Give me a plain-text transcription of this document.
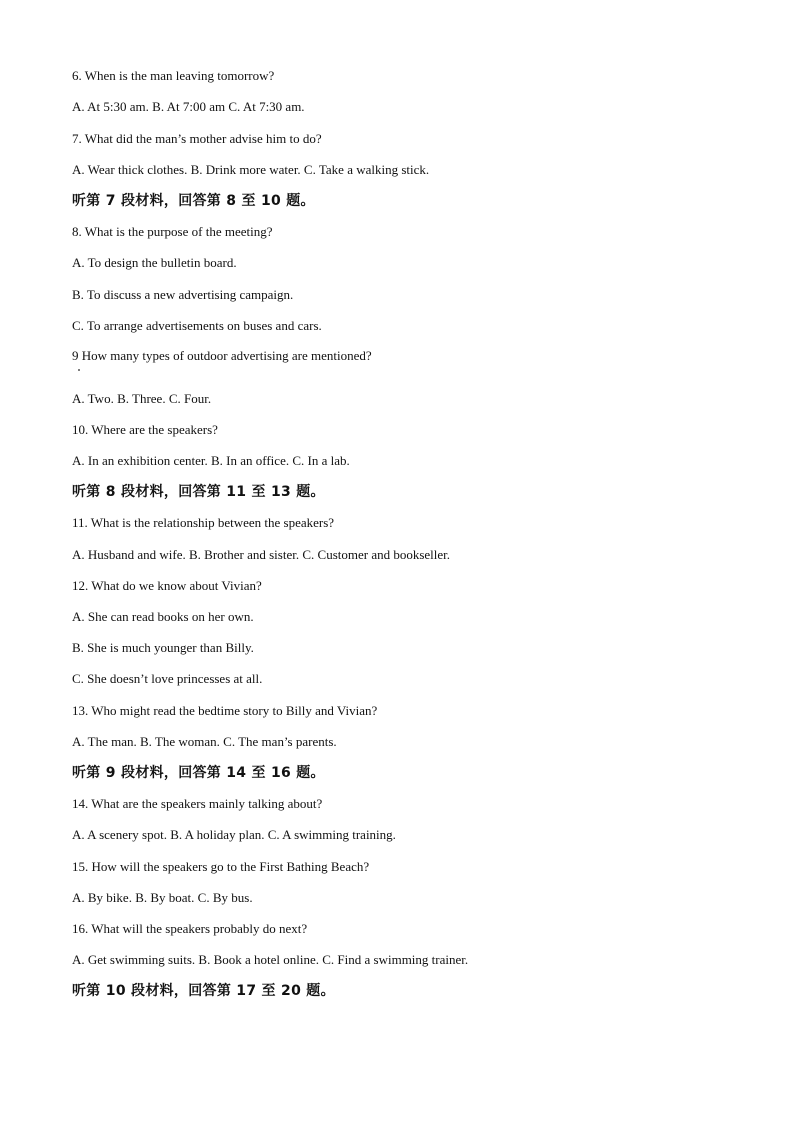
6. When is the man leaving tomorrow?
A. At 5:30 am. B. At 7:00 am C. At 7:30 am.
7. What did the man’s mother advise him to do?
A. Wear thick clothes. B. Drink more water. C. Take a walking stick.
听第 7 段材料，回答第 8 至 10 题。
8. What is the purpose of the meeting?
A. To design the bulletin board.
B. To discuss a new advertising campaign.
C. To arrange advertisements on buses and cars.
9 How many types of outdoor advertising are mentioned?
A. Two. B. Three. C. Four.
10. Where are the speakers?
A. In an exhibition center. B. In an office. C. In a lab.
听第 8 段材料，回答第 11 至 13 题。
11. What is the relationship between the speakers?
A. Husband and wife. B. Brother and sister. C. Customer and bookseller.
12. What do we know about Vivian?
A. She can read books on her own.
B. She is much younger than Billy.
C. She doesn’t love princesses at all.
13. Who might read the bedtime story to Billy and Vivian?
A. The man. B. The woman. C. The man’s parents.
听第 9 段材料，回答第 14 至 16 题。
14. What are the speakers mainly talking about?
A. A scenery spot. B. A holiday plan. C. A swimming training.
15. How will the speakers go to the First Bathing Beach?
A. By bike. B. By boat. C. By bus.
16. What will the speakers probably do next?
A. Get swimming suits. B. Book a hotel online. C. Find a swimming trainer.
听第 10 段材料，回答第 17 至 20 题。
